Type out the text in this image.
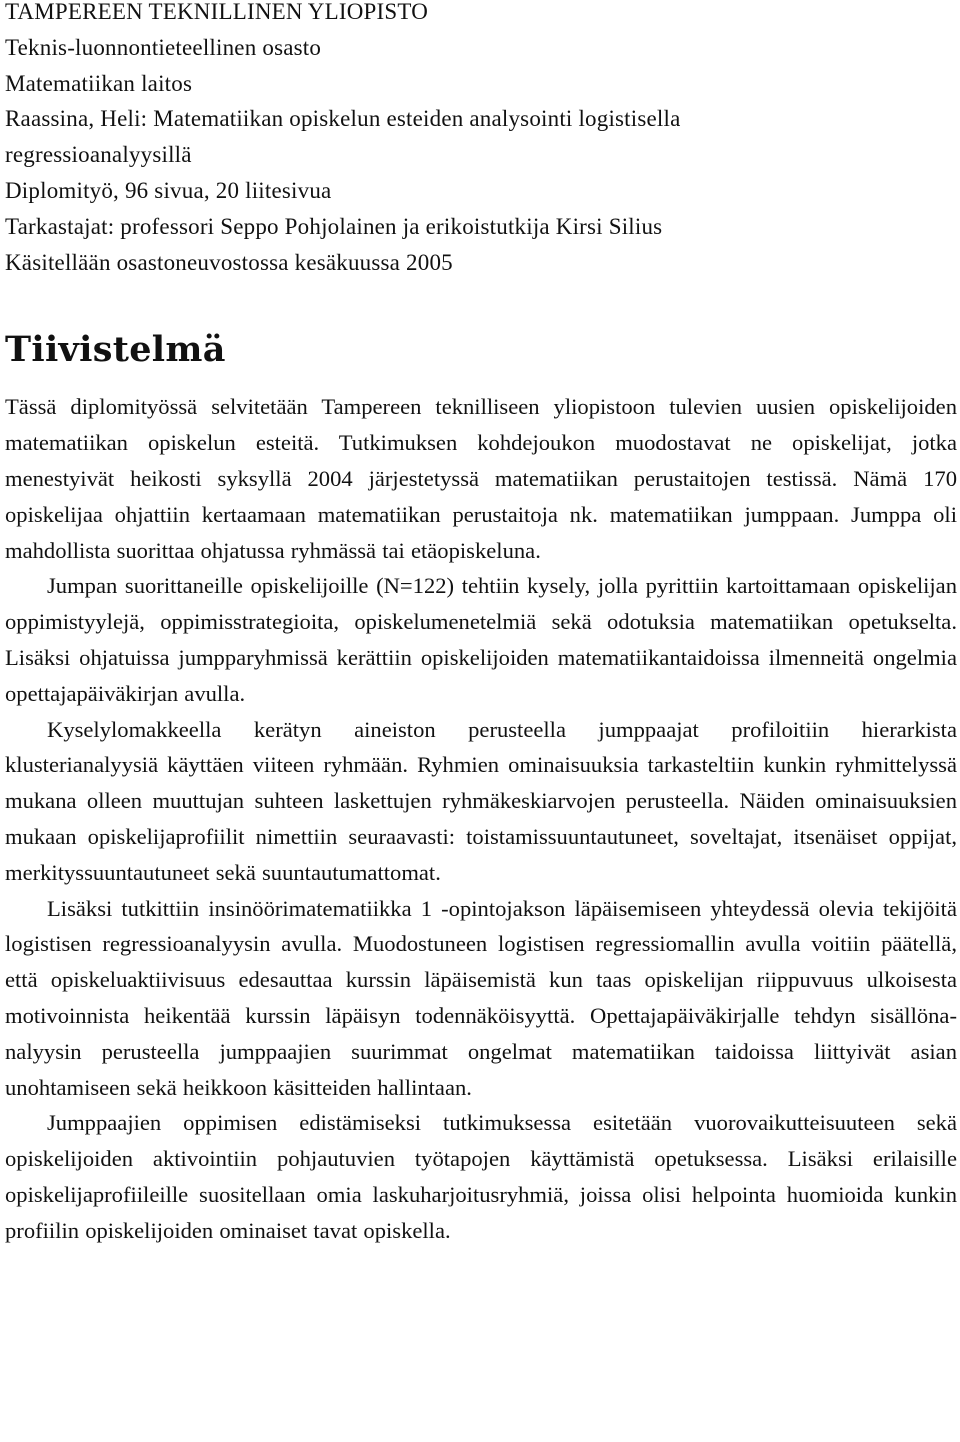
TAMPEREEN TEKNILLINEN YLIOPISTO
Teknis-luonnontieteellinen osasto
Matematiikan laitos
Raassina, Heli: Matematiikan opiskelun esteiden analysointi logistisella
regressioanalyysillä
Diplomityö, 96 sivua, 20 liitesivua
Tarkastajat: professori Seppo Pohjolainen ja erikoistutkija Kirsi Silius
Käsitellään osastoneuvostossa kesäkuussa 2005
Tiivistelmä

Tässä diplomityössä selvitetään Tampereen teknilliseen yliopistoon tulevien uusien opiskelijoiden matematiikan opiskelun esteitä. Tutkimuksen kohdejoukon muodostavat ne opiskelijat, jotka menestyivät heikosti syksyllä 2004 järjestetyssä matematiikan perustaitojen testissä. Nämä 170 opiskelijaa ohjattiin kertaamaan matematiikan perustaitoja nk. matematiikan jumppaan. Jumppa oli mahdollista suorittaa ohjatussa ryhmässä tai etäopiskeluna.

Jumpan suorittaneille opiskelijoille (N=122) tehtiin kysely, jolla pyrittiin kartoittamaan opiskelijan oppimistyylejä, oppimisstrategioita, opiskelumenetelmiä sekä odotuksia matematiikan opetukselta. Lisäksi ohjatuissa jumpparyhmissä kerättiin opiskelijoiden matematiikantaidoissa ilmenneitä ongelmia opettajapäiväkirjan avulla.

Kyselylomakkeella kerätyn aineiston perusteella jumppaajat profiloitiin hierarkista klusterianalyysiä käyttäen viiteen ryhmään. Ryhmien ominaisuuksia tarkasteltiin kunkin ryhmittelyssä mukana olleen muuttujan suhteen laskettujen ryhmäkeskiarvojen perusteella. Näiden ominaisuuksien mukaan opiskelijaprofiilit nimettiin seuraavasti: toistamissuuntautuneet, soveltajat, itsenäiset oppijat, merkityssuuntautuneet sekä suuntautumattomat.

Lisäksi tutkittiin insinöörimatematiikka 1 -opintojakson läpäisemiseen yhteydessä olevia tekijöitä logistisen regressioanalyysin avulla. Muodostuneen logistisen regressiomallin avulla voitiin päätellä, että opiskeluaktiivisuus edesauttaa kurssin läpäisemistä kun taas opiskelijan riippuvuus ulkoisesta motivoinnista heikentää kurssin läpäisyn todennäköisyyttä. Opettajapäiväkirjalle tehdyn sisällönanalyysin perusteella jumppaajien suurimmat ongelmat matematiikan taidoissa liittyivät asian unohtamiseen sekä heikkoon käsitteiden hallintaan.

Jumppaajien oppimisen edistämiseksi tutkimuksessa esitetään vuorovaikutteisuuteen sekä opiskelijoiden aktivointiin pohjautuvien työtapojen käyttämistä opetuksessa. Lisäksi erilaisille opiskelijaprofiileille suositellaan omia laskuharjoitusryhmiä, joissa olisi helpointa huomioida kunkin profiilin opiskelijoiden ominaiset tavat opiskella.
